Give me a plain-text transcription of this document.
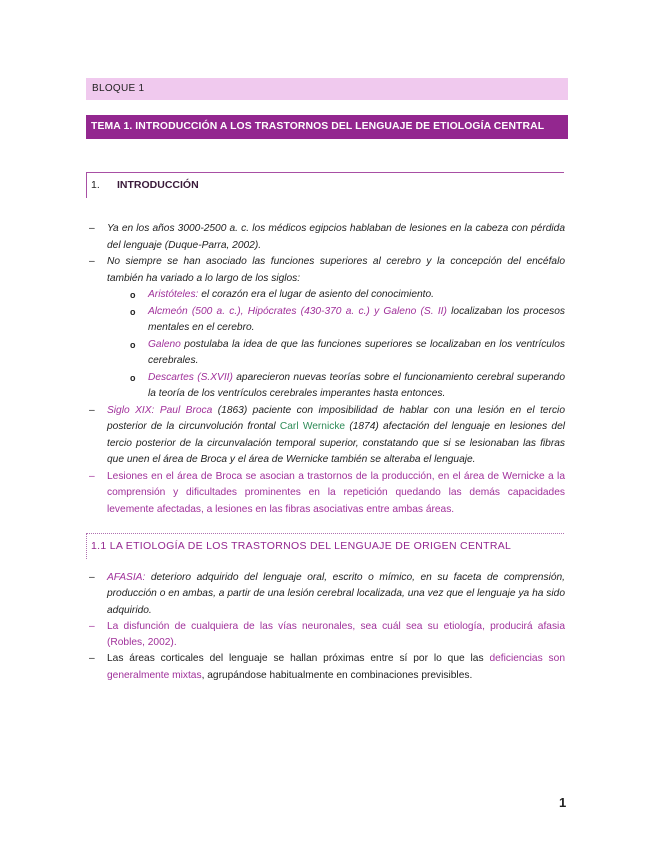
BLOQUE 1
TEMA 1. INTRODUCCIÓN A LOS TRASTORNOS DEL LENGUAJE DE ETIOLOGÍA CENTRAL
1. INTRODUCCIÓN
– Ya en los años 3000-2500 a. c. los médicos egipcios hablaban de lesiones en la cabeza con pérdida del lenguaje (Duque-Parra, 2002).
– No siempre se han asociado las funciones superiores al cerebro y la concepción del encéfalo también ha variado a lo largo de los siglos:
o Aristóteles: el corazón era el lugar de asiento del conocimiento.
o Alcmeón (500 a. c.), Hipócrates (430-370 a. c.) y Galeno (S. II) localizaban los procesos mentales en el cerebro.
o Galeno postulaba la idea de que las funciones superiores se localizaban en los ventrículos cerebrales.
o Descartes (S.XVII) aparecieron nuevas teorías sobre el funcionamiento cerebral superando la teoría de los ventrículos cerebrales imperantes hasta entonces.
– Siglo XIX: Paul Broca (1863) paciente con imposibilidad de hablar con una lesión en el tercio posterior de la circunvolución frontal Carl Wernicke (1874) afectación del lenguaje en lesiones del tercio posterior de la circunvalación temporal superior, constatando que si se lesionaban las fibras que unen el área de Broca y el área de Wernicke también se alteraba el lenguaje.
– Lesiones en el área de Broca se asocian a trastornos de la producción, en el área de Wernicke a la comprensión y dificultades prominentes en la repetición quedando las demás capacidades levemente afectadas, a lesiones en las fibras asociativas entre ambas áreas.
1.1 LA ETIOLOGÍA DE LOS TRASTORNOS DEL LENGUAJE DE ORIGEN CENTRAL
– AFASIA: deterioro adquirido del lenguaje oral, escrito o mímico, en su faceta de comprensión, producción o en ambas, a partir de una lesión cerebral localizada, una vez que el lenguaje ya ha sido adquirido.
– La disfunción de cualquiera de las vías neuronales, sea cuál sea su etiología, producirá afasia (Robles, 2002).
– Las áreas corticales del lenguaje se hallan próximas entre sí por lo que las deficiencias son generalmente mixtas, agrupándose habitualmente en combinaciones previsibles.
1
